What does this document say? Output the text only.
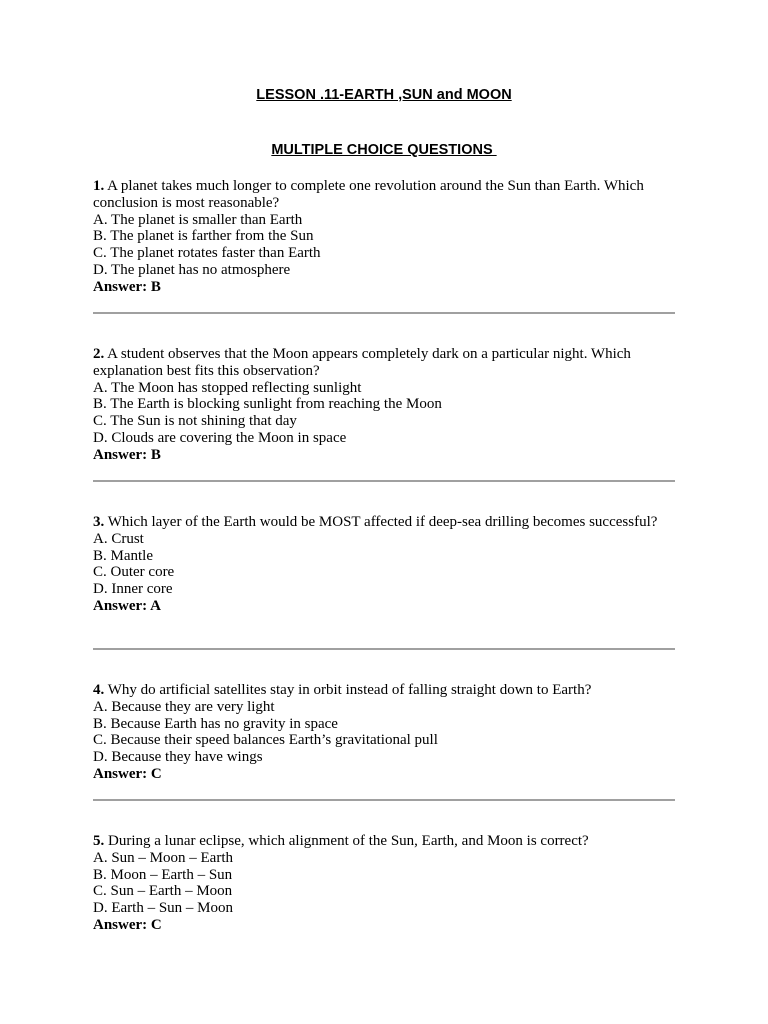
LESSON .11-EARTH ,SUN and MOON
MULTIPLE CHOICE QUESTIONS
1. A planet takes much longer to complete one revolution around the Sun than Earth. Which conclusion is most reasonable?
A. The planet is smaller than Earth
B. The planet is farther from the Sun
C. The planet rotates faster than Earth
D. The planet has no atmosphere
Answer: B
2. A student observes that the Moon appears completely dark on a particular night. Which explanation best fits this observation?
A. The Moon has stopped reflecting sunlight
B. The Earth is blocking sunlight from reaching the Moon
C. The Sun is not shining that day
D. Clouds are covering the Moon in space
Answer: B
3. Which layer of the Earth would be MOST affected if deep-sea drilling becomes successful?
A. Crust
B. Mantle
C. Outer core
D. Inner core
Answer: A
4. Why do artificial satellites stay in orbit instead of falling straight down to Earth?
A. Because they are very light
B. Because Earth has no gravity in space
C. Because their speed balances Earth’s gravitational pull
D. Because they have wings
Answer: C
5. During a lunar eclipse, which alignment of the Sun, Earth, and Moon is correct?
A. Sun – Moon – Earth
B. Moon – Earth – Sun
C. Sun – Earth – Moon
D. Earth – Sun – Moon
Answer: C
